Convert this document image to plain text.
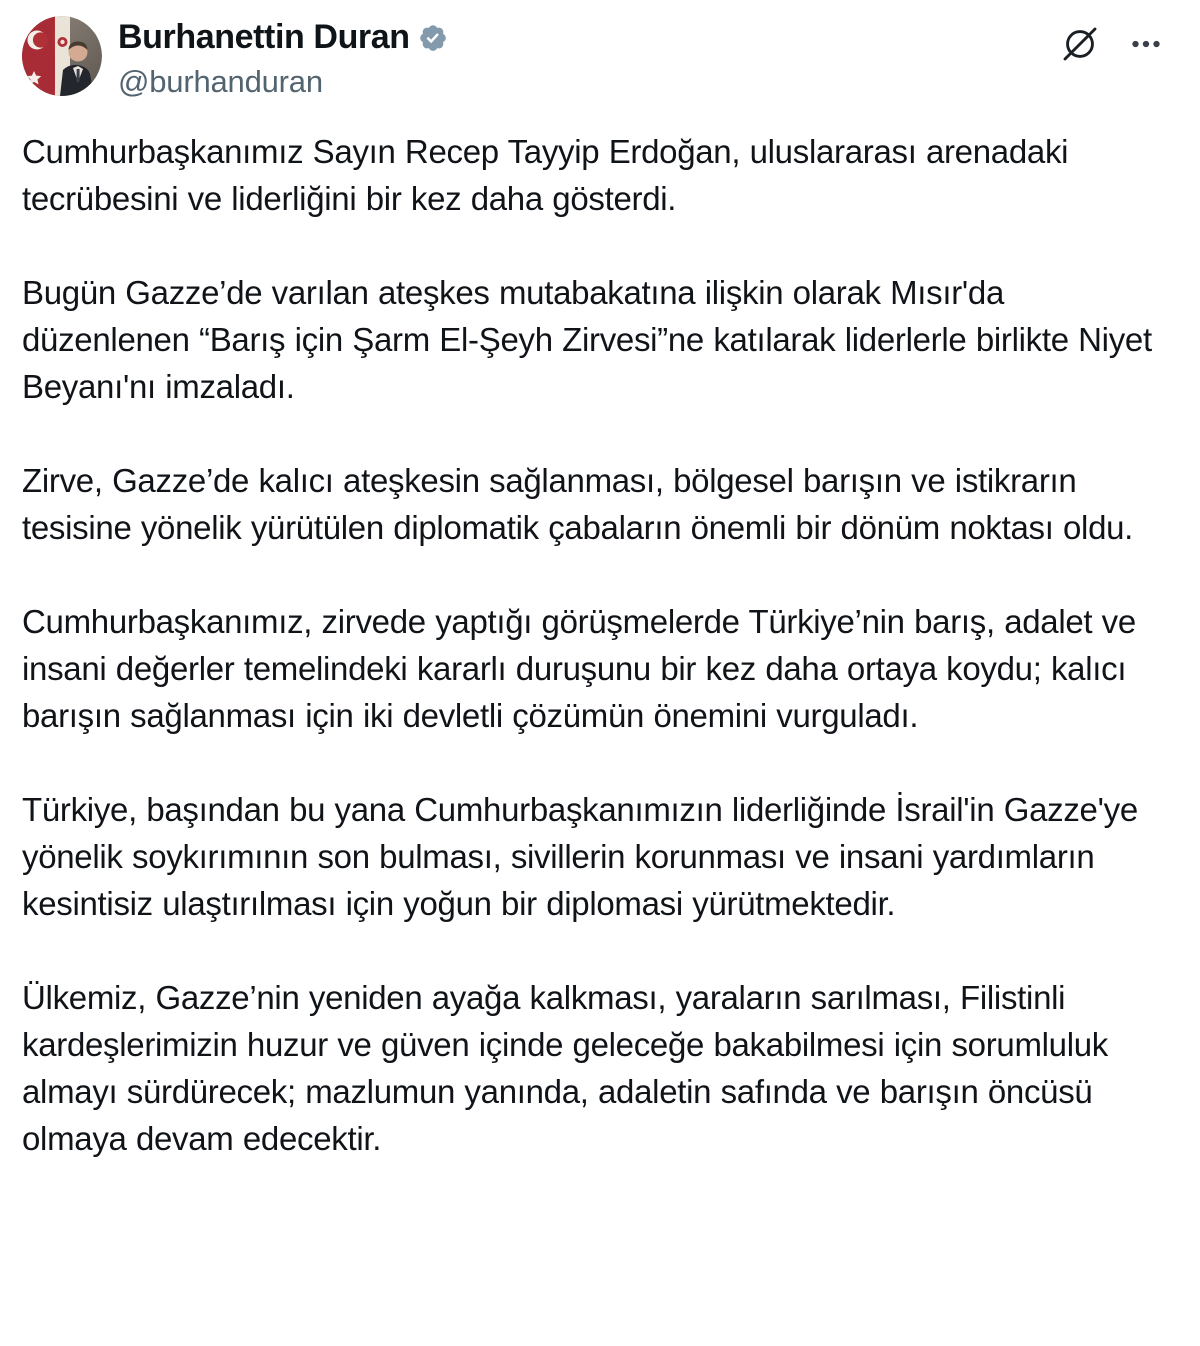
Burhanettin Duran
@burhanduran

Cumhurbaşkanımız Sayın Recep Tayyip Erdoğan, uluslararası arenadaki tecrübesini ve liderliğini bir kez daha gösterdi.

Bugün Gazze’de varılan ateşkes mutabakatına ilişkin olarak Mısır'da düzenlenen “Barış için Şarm El-Şeyh Zirvesi”ne katılarak liderlerle birlikte Niyet Beyanı'nı imzaladı.

Zirve, Gazze’de kalıcı ateşkesin sağlanması, bölgesel barışın ve istikrarın tesisine yönelik yürütülen diplomatik çabaların önemli bir dönüm noktası oldu.

Cumhurbaşkanımız, zirvede yaptığı görüşmelerde Türkiye’nin barış, adalet ve insani değerler temelindeki kararlı duruşunu bir kez daha ortaya koydu; kalıcı barışın sağlanması için iki devletli çözümün önemini vurguladı.

Türkiye, başından bu yana Cumhurbaşkanımızın liderliğinde İsrail'in Gazze'ye yönelik soykırımının son bulması, sivillerin korunması ve insani yardımların kesintisiz ulaştırılması için yoğun bir diplomasi yürütmektedir.

Ülkemiz, Gazze’nin yeniden ayağa kalkması, yaraların sarılması, Filistinli kardeşlerimizin huzur ve güven içinde geleceğe bakabilmesi için sorumluluk almayı sürdürecek; mazlumun yanında, adaletin safında ve barışın öncüsü olmaya devam edecektir.
